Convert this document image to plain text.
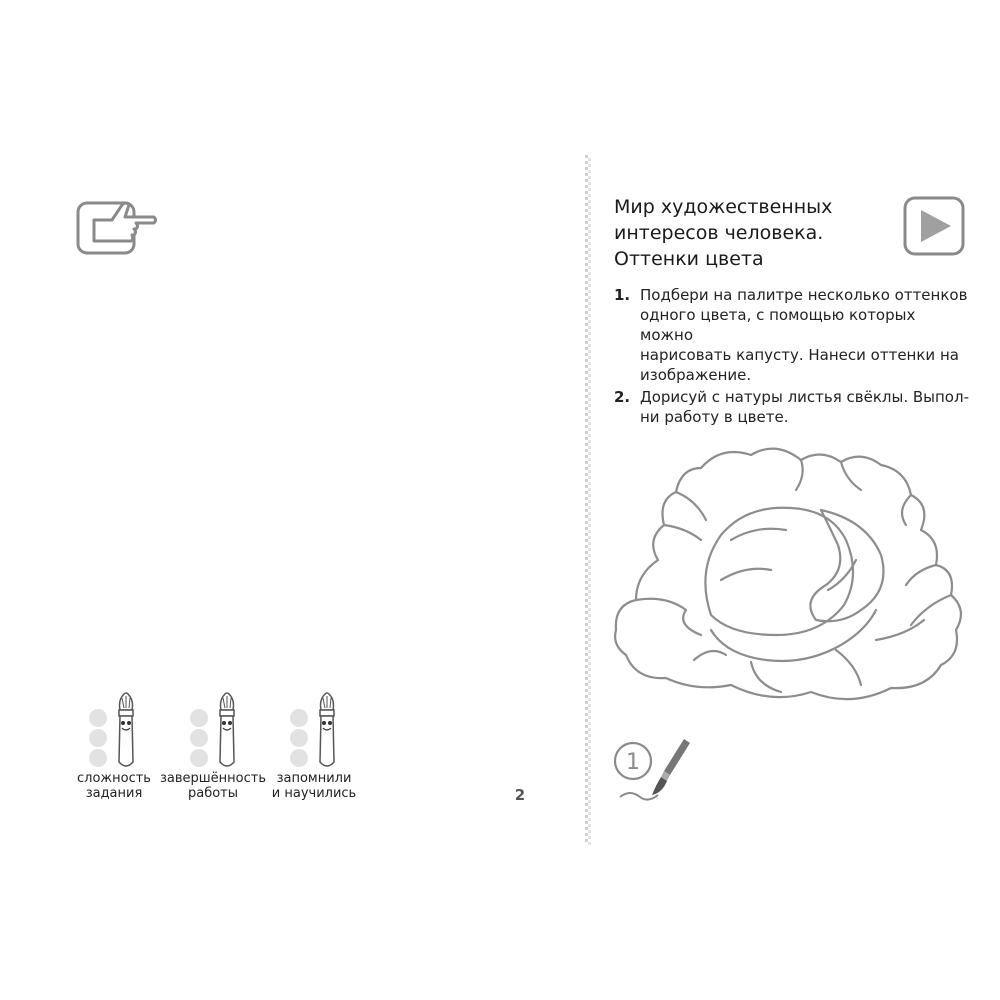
сложность
задания
завершённость
работы
запомнили
и научились	2
Мир художественных
интересов человека.
Оттенки цвета
1. Подбери на палитре несколько оттенков
одного цвета, с помощью которых можно
нарисовать капусту. Нанеси оттенки на
изображение.
2. Дорисуй с натуры листья свёклы. Выпол-
ни работу в цвете.
1
